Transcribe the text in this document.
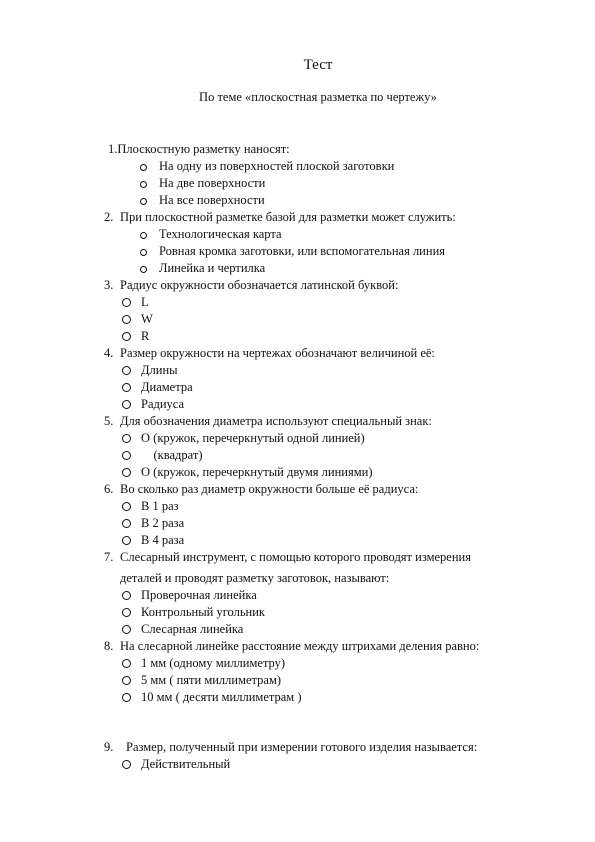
Тест
По теме «плоскостная разметка по чертежу»
1.Плоскостную разметку наносят:
На одну из поверхностей плоской заготовки
На две поверхности
На все поверхности
2. При плоскостной разметке базой для разметки может служить:
Технологическая карта
Ровная кромка заготовки, или вспомогательная линия
Линейка и чертилка
3. Радиус окружности обозначается латинской буквой:
L
W
R
4. Размер окружности на чертежах обозначают величиной её:
Длины
Диаметра
Радиуса
5. Для обозначения диаметра используют специальный знак:
О (кружок, перечеркнутый одной линией)
(квадрат)
О (кружок, перечеркнутый двумя линиями)
6. Во сколько раз диаметр окружности больше её радиуса:
В 1 раз
В 2 раза
В 4 раза
7. Слесарный инструмент, с помощью которого проводят измерения
деталей и проводят разметку заготовок, называют:
Проверочная линейка
Контрольный угольник
Слесарная линейка
8. На слесарной линейке расстояние между штрихами деления равно:
1 мм (одному миллиметру)
5 мм ( пяти миллиметрам)
10 мм ( десяти миллиметрам )
9. Размер, полученный при измерении готового изделия называется:
Действительный
